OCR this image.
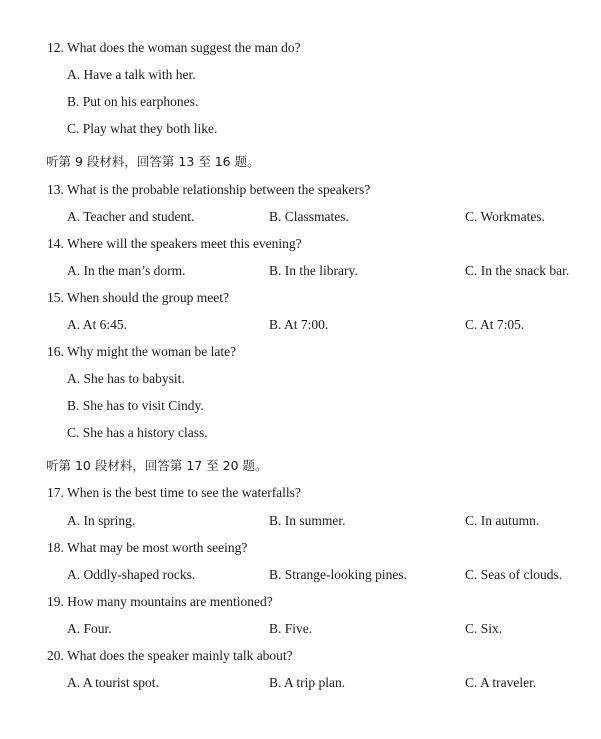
12. What does the woman suggest the man do?
A. Have a talk with her.
B. Put on his earphones.
C. Play what they both like.
听第 9 段材料，回答第 13 至 16 题。
13. What is the probable relationship between the speakers?
A. Teacher and student.	B. Classmates.	C. Workmates.
14. Where will the speakers meet this evening?
A. In the man’s dorm.	B. In the library.	C. In the snack bar.
15. When should the group meet?
A. At 6:45.	B. At 7:00.	C. At 7:05.
16. Why might the woman be late?
A. She has to babysit.
B. She has to visit Cindy.
C. She has a history class.
听第 10 段材料，回答第 17 至 20 题。
17. When is the best time to see the waterfalls?
A. In spring.	B. In summer.	C. In autumn.
18. What may be most worth seeing?
A. Oddly-shaped rocks.	B. Strange-looking pines.	C. Seas of clouds.
19. How many mountains are mentioned?
A. Four.	B. Five.	C. Six.
20. What does the speaker mainly talk about?
A. A tourist spot.	B. A trip plan.	C. A traveler.
